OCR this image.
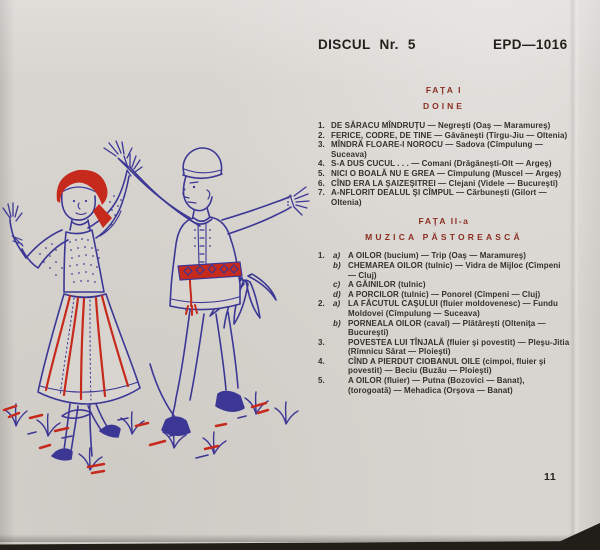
DISCUL Nr. 5	EPD—1016
FAŢA I
DOINE
1. DE SĂRACU MÎNDRUŢU — Negreşti (Oaş — Maramureş)
2. FERICE, CODRE, DE TINE — Găvăneşti (Tîrgu-Jiu — Oltenia)
3. MÎNDRĂ FLOARE-I NOROCU — Sadova (Cîmpulung — Suceava)
4. S-A DUS CUCUL . . . — Comani (Drăgăneşti-Olt — Argeş)
5. NICI O BOALĂ NU E GREA — Cîmpulung (Muscel — Argeş)
6. CÎND ERA LA ŞAIZEŞITREI — Clejani (Videle — Bucureşti)
7. A-NFLORIT DEALUL ŞI CÎMPUL — Cărbuneşti (Gilort — Oltenia)
FAŢA II-a
MUZICA PĂSTOREASCĂ
1.	a) A OILOR (bucium) — Trip (Oaş — Maramureş)
b) CHEMAREA OILOR (tulnic) — Vidra de Mijloc (Cîmpeni — Cluj)
c) A GĂINILOR (tulnic)
d) A PORCILOR (tulnic) — Ponorel (Cîmpeni — Cluj)
2.	a) LA FĂCUTUL CAŞULUI (fluier moldovenesc) — Fundu Moldovei (Cîmpulung — Suceava)
b) PORNEALA OILOR (caval) — Plătăreşti (Olteniţa — Bucureşti)
3.	POVESTEA LUI TÎNJALĂ (fluier şi povestit) — Pleşu-Jitia (Rîmnicu Sărat — Ploieşti)
4.	CÎND A PIERDUT CIOBANUL OILE (cimpoi, fluier şi povestit) — Beciu (Buzău — Ploieşti)
5.	A OILOR (fluier) — Putna (Bozovici — Banat), (torogoată) — Mehadica (Orşova — Banat)
11
